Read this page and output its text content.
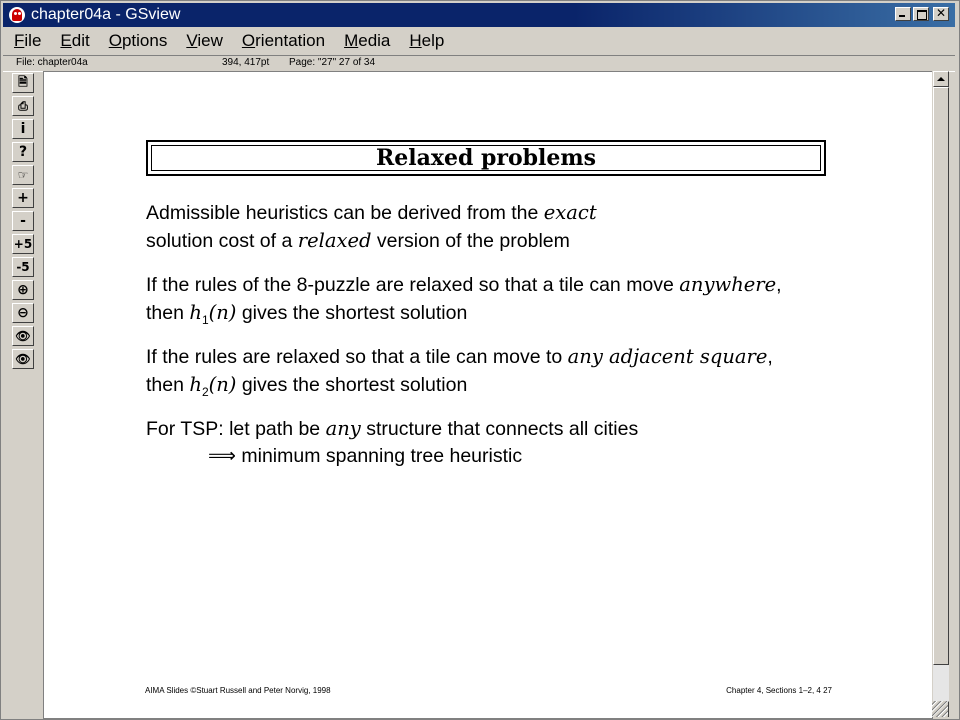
chapter04a - GSview	✕
File	Edit	Options	View	Orientation	Media	Help
File: chapter04a	394, 417pt Page: "27" 27 of 34
🗎
⎙
i
?
☞
+
-
+5
-5
⊕
⊖
👁
👁
Relaxed problems
Admissible heuristics can be derived from the exact
solution cost of a relaxed version of the problem
If the rules of the 8-puzzle are relaxed so that a tile can move anywhere,
then $h_1(n)$ gives the shortest solution
If the rules are relaxed so that a tile can move to any adjacent square,
then $h_2(n)$ gives the shortest solution
For TSP: let path be any structure that connects all cities
⟹ minimum spanning tree heuristic
AIMA Slides ©Stuart Russell and Peter Norvig, 1998	Chapter 4, Sections 1–2, 4 27
